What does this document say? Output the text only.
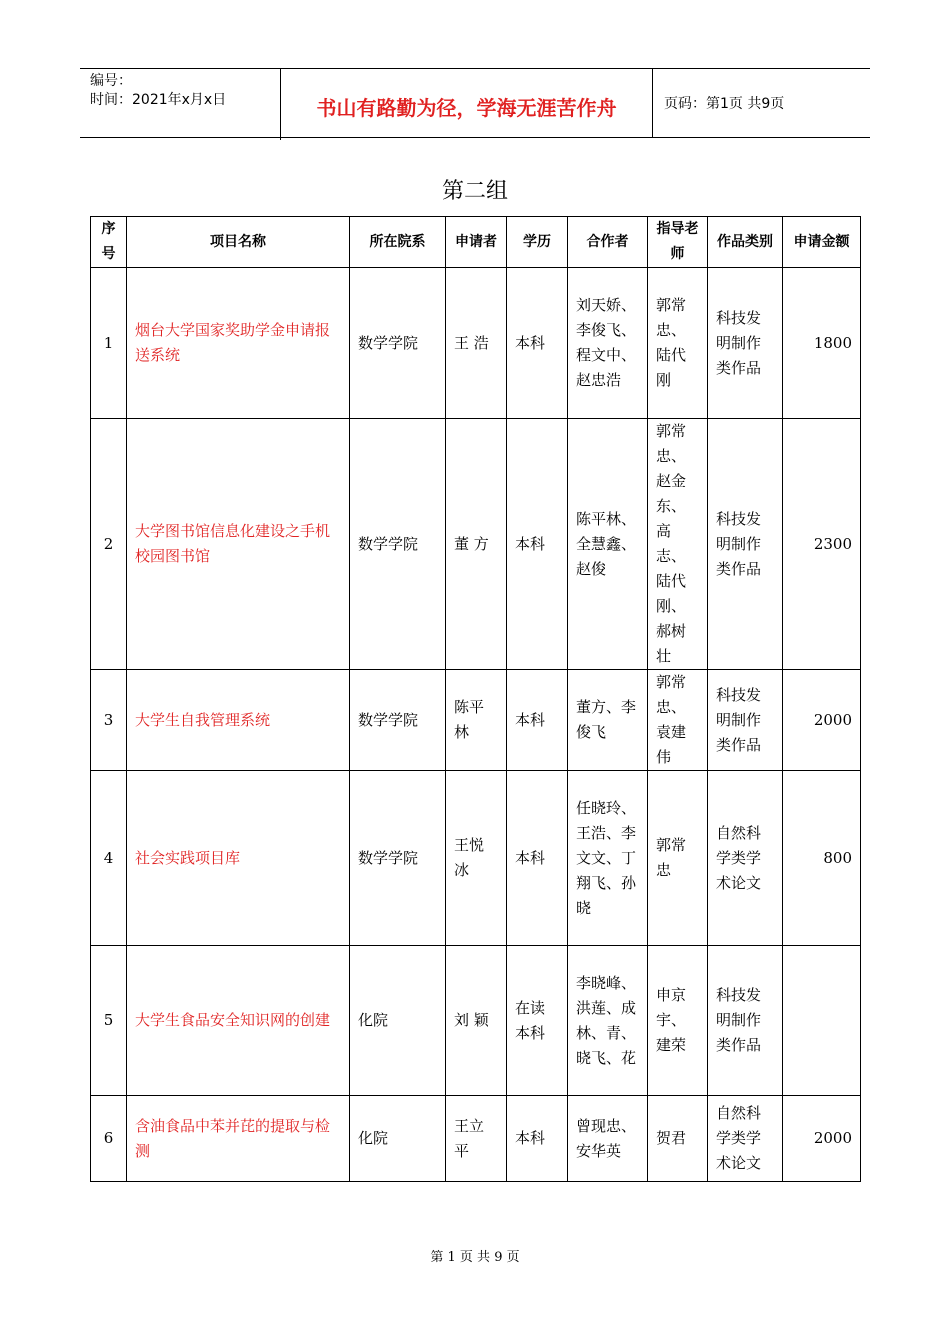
编号：
时间：2021年x月x日	书山有路勤为径，学海无涯苦作舟	页码：第1页 共9页
第二组
序号	项目名称	所在院系	申请者	学历	合作者	指导老师	作品类别	申请金额
1	烟台大学国家奖助学金申请报送系统	数学学院	王 浩	本科	刘天娇、李俊飞、程文中、赵忠浩	郭常忠、陆代刚	科技发明制作类作品	1800
2	大学图书馆信息化建设之手机校园图书馆	数学学院	董 方	本科	陈平林、全慧鑫、赵俊	郭常忠、赵金东、高志、陆代刚、郝树壮	科技发明制作类作品	2300
3	大学生自我管理系统	数学学院	陈平林	本科	董方、李俊飞	郭常忠、袁建伟	科技发明制作类作品	2000
4	社会实践项目库	数学学院	王悦冰	本科	任晓玲、王浩、李文文、丁翔飞、孙晓	郭常忠	自然科学类学术论文	800
5	大学生食品安全知识网的创建	化院	刘 颖	在读本科	李晓峰、洪莲、成林、青、晓飞、花	申京宇、建荣	科技发明制作类作品	
6	含油食品中苯并芘的提取与检测	化院	王立平	本科	曾现忠、安华英	贺君	自然科学类学术论文	2000
第 1 页 共 9 页
